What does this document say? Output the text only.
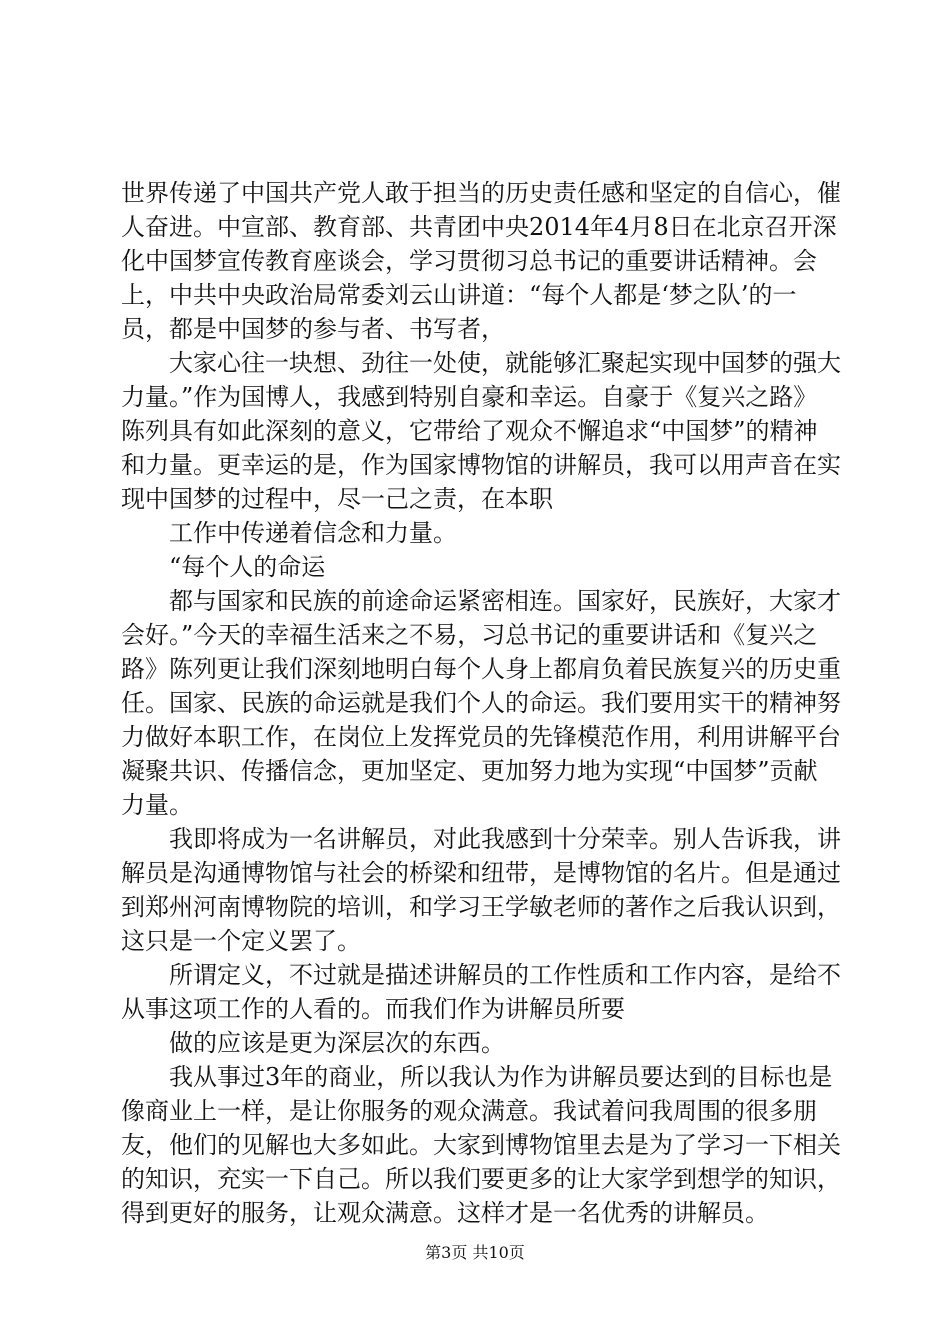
世界传递了中国共产党人敢于担当的历史责任感和坚定的自信心，催人奋进。中宣部、教育部、共青团中央2014年4月8日在北京召开深化中国梦宣传教育座谈会，学习贯彻习总书记的重要讲话精神。会上，中共中央政治局常委刘云山讲道：“每个人都是‘梦之队’的一员，都是中国梦的参与者、书写者，

大家心往一块想、劲往一处使，就能够汇聚起实现中国梦的强大力量。”作为国博人，我感到特别自豪和幸运。自豪于《复兴之路》陈列具有如此深刻的意义，它带给了观众不懈追求“中国梦”的精神和力量。更幸运的是，作为国家博物馆的讲解员，我可以用声音在实现中国梦的过程中，尽一己之责，在本职

工作中传递着信念和力量。

“每个人的命运

都与国家和民族的前途命运紧密相连。国家好，民族好，大家才会好。”今天的幸福生活来之不易，习总书记的重要讲话和《复兴之路》陈列更让我们深刻地明白每个人身上都肩负着民族复兴的历史重任。国家、民族的命运就是我们个人的命运。我们要用实干的精神努力做好本职工作，在岗位上发挥党员的先锋模范作用，利用讲解平台凝聚共识、传播信念，更加坚定、更加努力地为实现“中国梦”贡献力量。

我即将成为一名讲解员，对此我感到十分荣幸。别人告诉我，讲解员是沟通博物馆与社会的桥梁和纽带，是博物馆的名片。但是通过到郑州河南博物院的培训，和学习王学敏老师的著作之后我认识到，这只是一个定义罢了。

所谓定义，不过就是描述讲解员的工作性质和工作内容，是给不从事这项工作的人看的。而我们作为讲解员所要

做的应该是更为深层次的东西。

我从事过3年的商业，所以我认为作为讲解员要达到的目标也是像商业上一样，是让你服务的观众满意。我试着问我周围的很多朋友，他们的见解也大多如此。大家到博物馆里去是为了学习一下相关的知识，充实一下自己。所以我们要更多的让大家学到想学的知识，得到更好的服务，让观众满意。这样才是一名优秀的讲解员。

第3页 共10页
